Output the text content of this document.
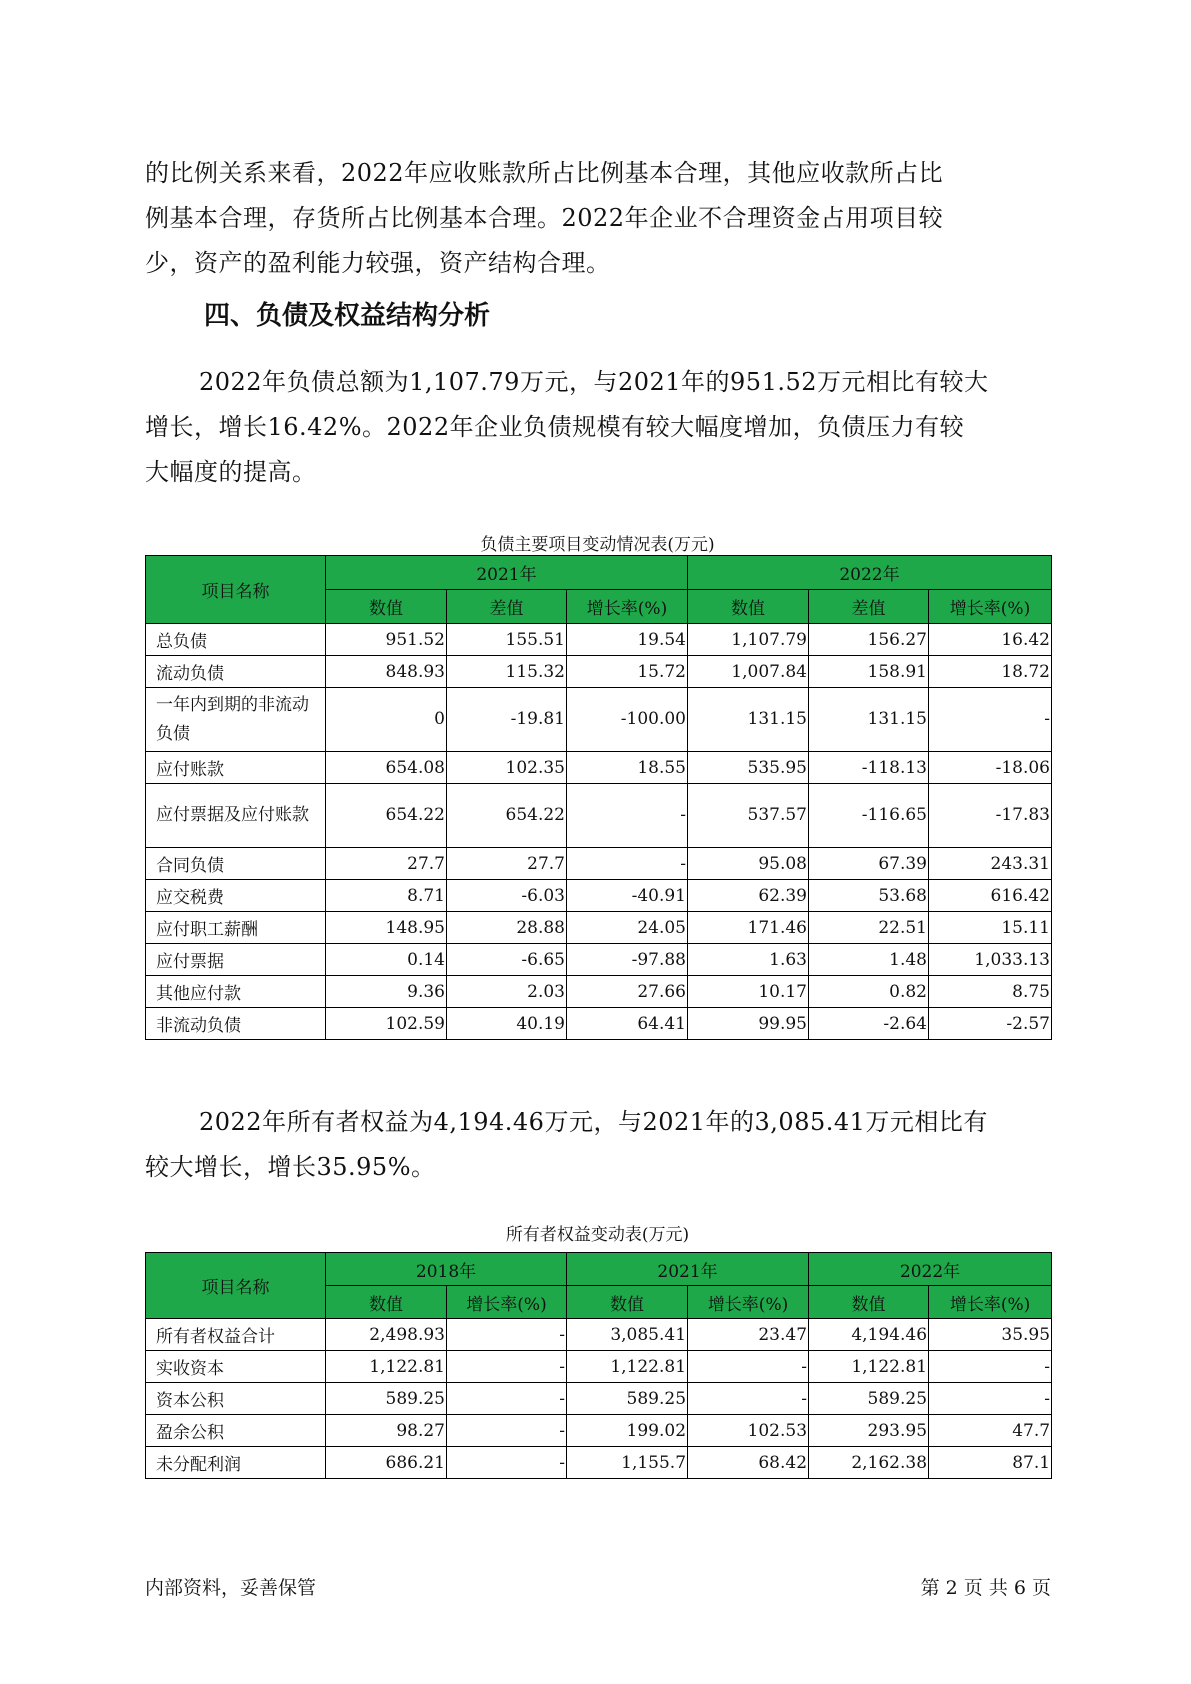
的比例关系来看，2022年应收账款所占比例基本合理，其他应收款所占比
例基本合理，存货所占比例基本合理。2022年企业不合理资金占用项目较
少，资产的盈利能力较强，资产结构合理。
四、负债及权益结构分析
2022年负债总额为1,107.79万元，与2021年的951.52万元相比有较大
增长，增长16.42%。2022年企业负债规模有较大幅度增加，负债压力有较
大幅度的提高。
负债主要项目变动情况表(万元)
项目名称	2021年			2022年		
	数值	差值	增长率(%)	数值	差值	增长率(%)
总负债	951.52	155.51	19.54	1,107.79	156.27	16.42
流动负债	848.93	115.32	15.72	1,007.84	158.91	18.72
一年内到期的非流动负债	0	-19.81	-100.00	131.15	131.15	-
应付账款	654.08	102.35	18.55	535.95	-118.13	-18.06
应付票据及应付账款	654.22	654.22	-	537.57	-116.65	-17.83
合同负债	27.7	27.7	-	95.08	67.39	243.31
应交税费	8.71	-6.03	-40.91	62.39	53.68	616.42
应付职工薪酬	148.95	28.88	24.05	171.46	22.51	15.11
应付票据	0.14	-6.65	-97.88	1.63	1.48	1,033.13
其他应付款	9.36	2.03	27.66	10.17	0.82	8.75
非流动负债	102.59	40.19	64.41	99.95	-2.64	-2.57
2022年所有者权益为4,194.46万元，与2021年的3,085.41万元相比有
较大增长，增长35.95%。
所有者权益变动表(万元)
项目名称	2018年		2021年		2022年	
	数值	增长率(%)	数值	增长率(%)	数值	增长率(%)
所有者权益合计	2,498.93	-	3,085.41	23.47	4,194.46	35.95
实收资本	1,122.81	-	1,122.81	-	1,122.81	-
资本公积	589.25	-	589.25	-	589.25	-
盈余公积	98.27	-	199.02	102.53	293.95	47.7
未分配利润	686.21	-	1,155.7	68.42	2,162.38	87.1
内部资料，妥善保管	第 2 页 共 6 页
